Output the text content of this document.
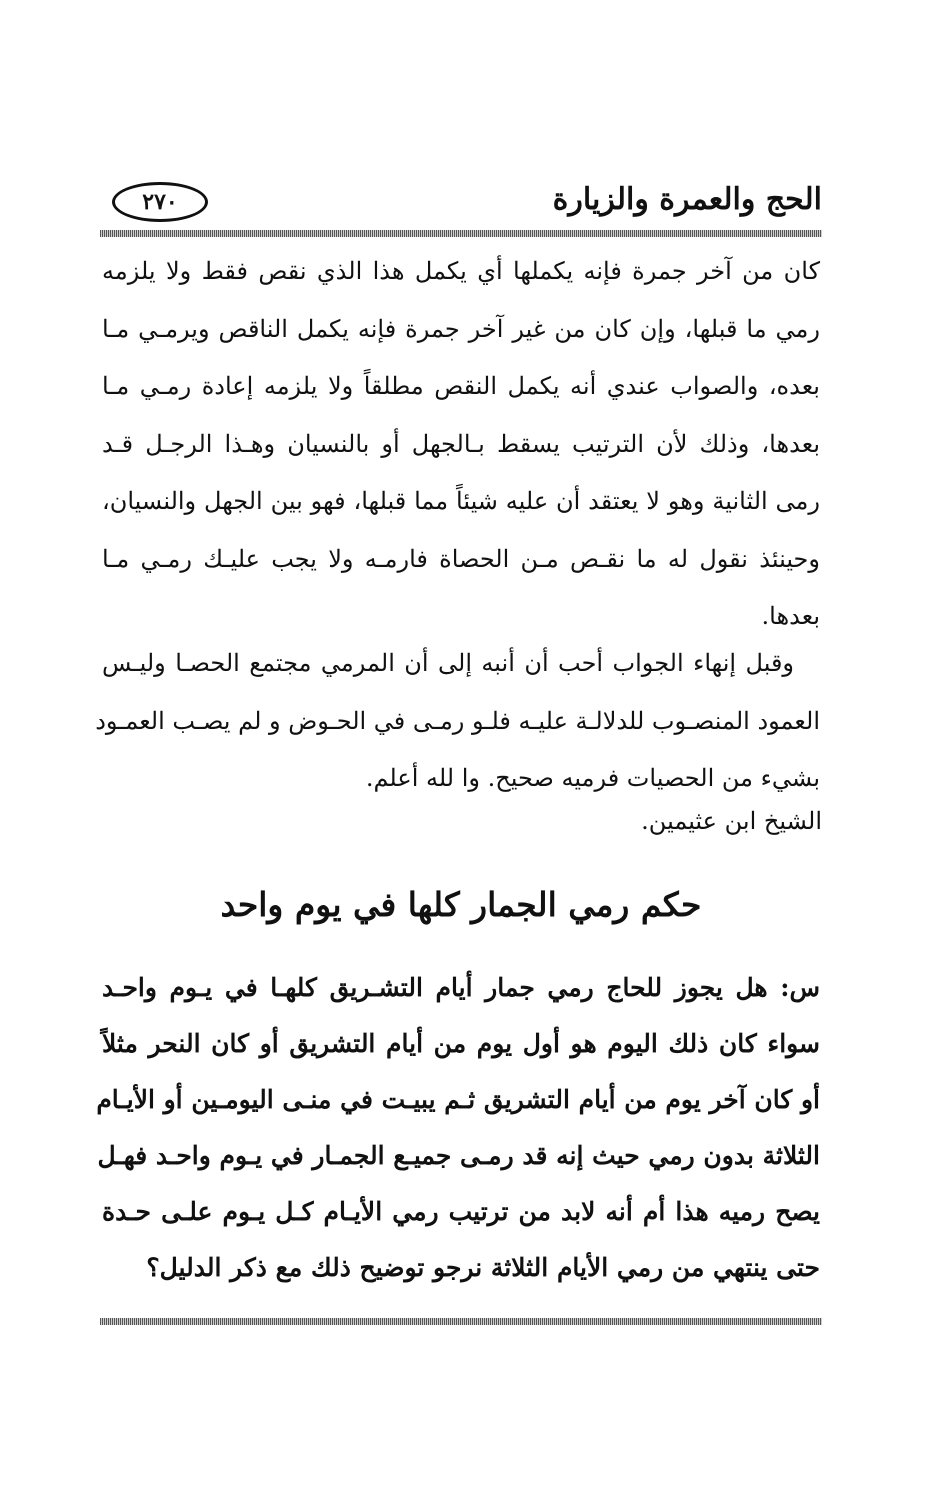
الحج والعمرة والزيارة
٢٧٠

كان من آخر جمرة فإنه يكملها أي يكمل هذا الذي نقص فقط ولا يلزمه
رمي ما قبلها، وإن كان من غير آخر جمرة فإنه يكمل الناقص ويرمـي مـا
بعده، والصواب عندي أنه يكمل النقص مطلقاً ولا يلزمه إعادة رمـي مـا
بعدها، وذلك لأن الترتيب يسقط بـالجهل أو بالنسيان وهـذا الرجـل قـد
رمى الثانية وهو لا يعتقد أن عليه شيئاً مما قبلها، فهو بين الجهل والنسيان،
وحينئذ نقول له ما نقـص مـن الحصاة فارمـه ولا يجب عليـك رمـي مـا
بعدها.

وقبل إنهاء الجواب أحب أن أنبه إلى أن المرمي مجتمع الحصـا وليـس
العمود المنصـوب للدلالـة عليـه فلـو رمـى في الحـوض و لم يصـب العمـود
بشيء من الحصيات فرميه صحيح. وا لله أعلم.

الشيخ ابن عثيمين.
حكم رمي الجمار كلها في يوم واحد

س: هل يجوز للحاج رمي جمار أيام التشـريق كلهـا في يـوم واحـد
سواء كان ذلك اليوم هو أول يوم من أيام التشريق أو كان النحر مثلاً
أو كان آخر يوم من أيام التشريق ثـم يبيـت في منـى اليومـين أو الأيـام
الثلاثة بدون رمي حيث إنه قد رمـى جميـع الجمـار في يـوم واحـد فهـل
يصح رميه هذا أم أنه لابد من ترتيب رمي الأيـام كـل يـوم علـى حـدة
حتى ينتهي من رمي الأيام الثلاثة نرجو توضيح ذلك مع ذكر الدليل؟
